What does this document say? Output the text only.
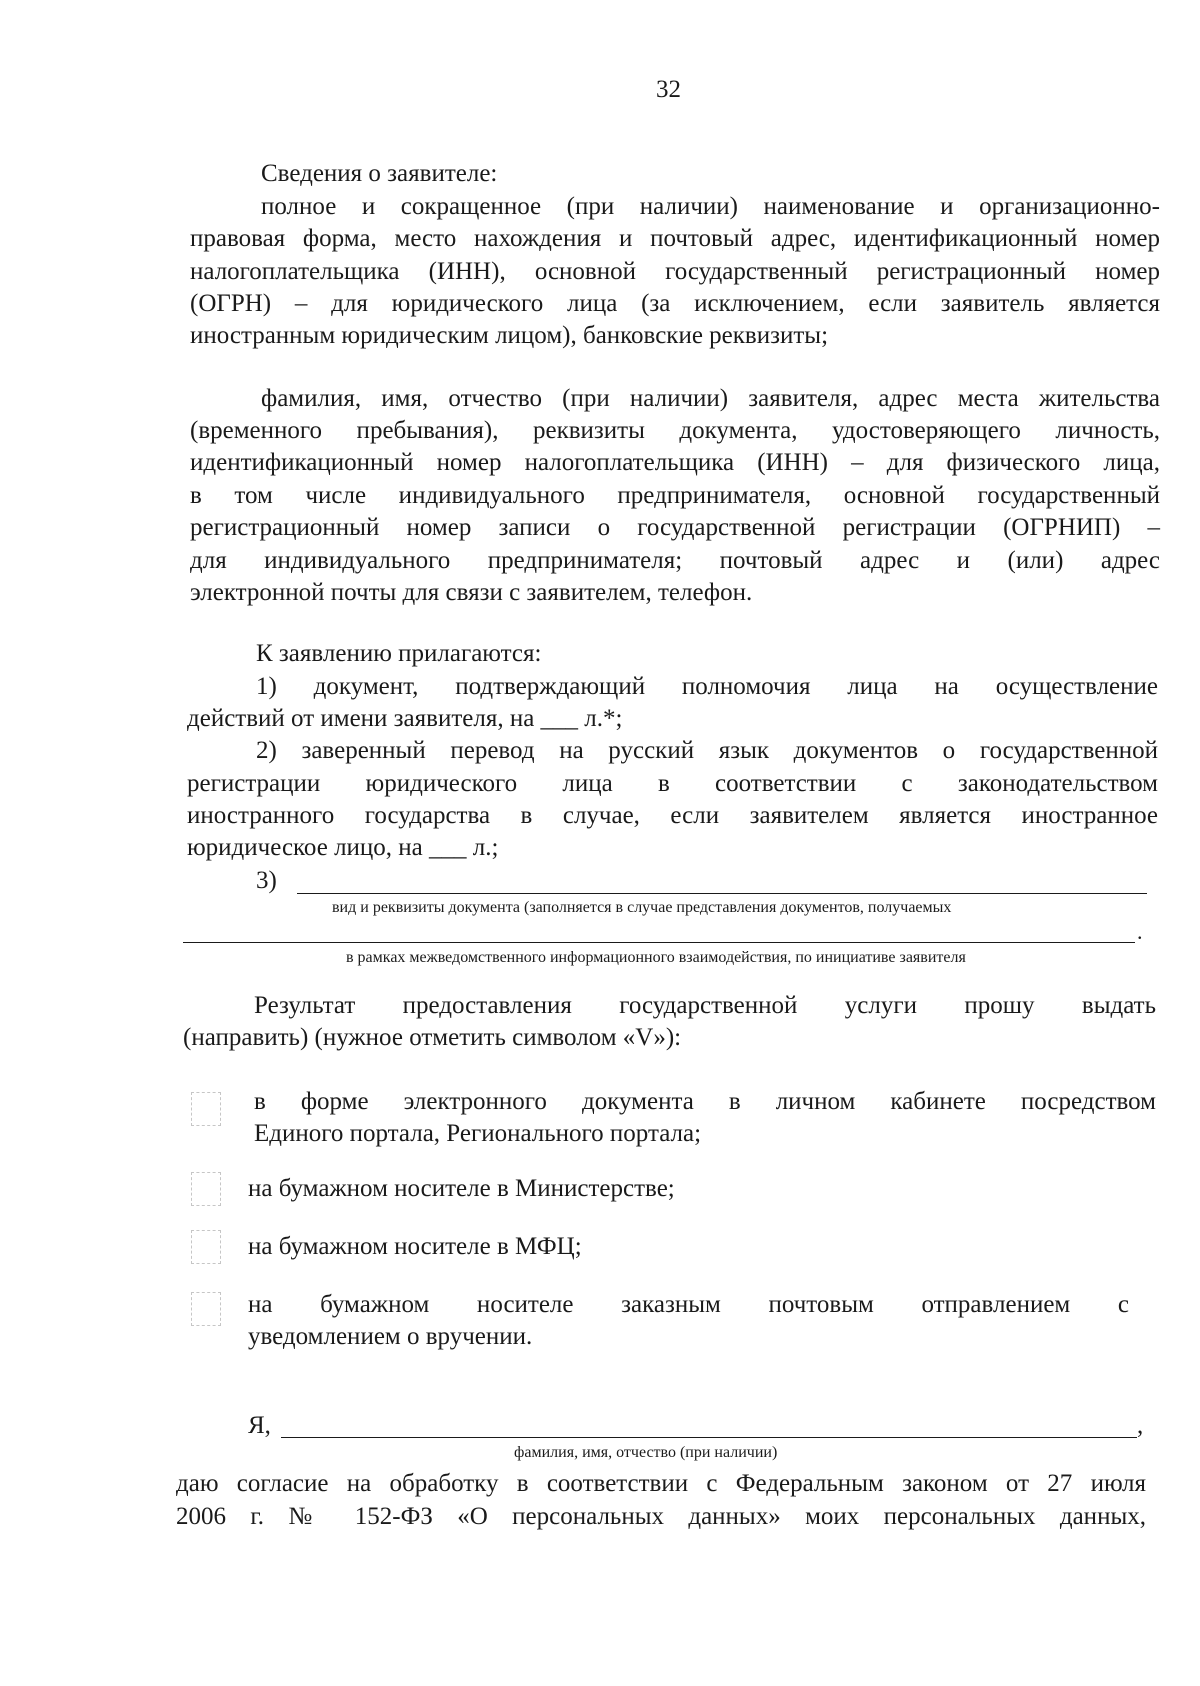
32
Сведения о заявителе:
полное и сокращенное (при наличии) наименование и организационно-
правовая форма, место нахождения и почтовый адрес, идентификационный номер
налогоплательщика (ИНН), основной государственный регистрационный номер
(ОГРН) – для юридического лица (за исключением, если заявитель является
иностранным юридическим лицом), банковские реквизиты;
фамилия, имя, отчество (при наличии) заявителя, адрес места жительства
(временного пребывания), реквизиты документа, удостоверяющего личность,
идентификационный номер налогоплательщика (ИНН) – для физического лица,
в том числе индивидуального предпринимателя, основной государственный
регистрационный номер записи о государственной регистрации (ОГРНИП) –
для индивидуального предпринимателя; почтовый адрес и (или) адрес
электронной почты для связи с заявителем, телефон.
К заявлению прилагаются:
1) документ, подтверждающий полномочия лица на осуществление
действий от имени заявителя, на ___ л.*;
2) заверенный перевод на русский язык документов о государственной
регистрации юридического лица в соответствии с законодательством
иностранного государства в случае, если заявителем является иностранное
юридическое лицо, на ___ л.;
3)
вид и реквизиты документа (заполняется в случае представления документов, получаемых
.
в рамках межведомственного информационного взаимодействия, по инициативе заявителя
Результат предоставления государственной услуги прошу выдать
(направить) (нужное отметить символом «V»):
в форме электронного документа в личном кабинете посредством
Единого портала, Регионального портала;
на бумажном носителе в Министерстве;
на бумажном носителе в МФЦ;
на бумажном носителе заказным почтовым отправлением с
уведомлением о вручении.
Я,	,
фамилия, имя, отчество (при наличии)
даю согласие на обработку в соответствии с Федеральным законом от 27 июля
2006 г. № 152-ФЗ «О персональных данных» моих персональных данных,
